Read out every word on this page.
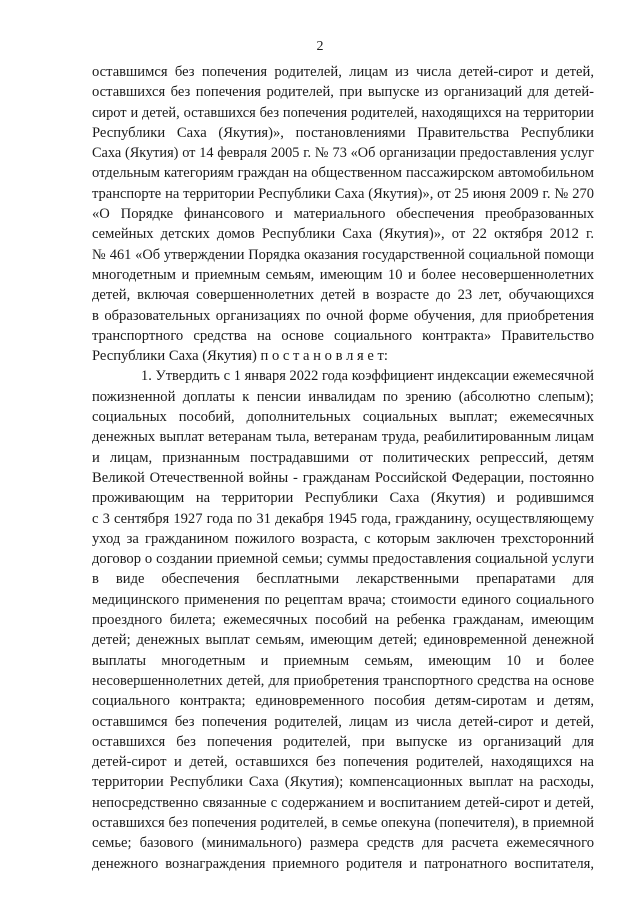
2
оставшимся без попечения родителей, лицам из числа детей-сирот и детей,
оставшихся без попечения родителей, при выпуске из организаций для детей-
сирот и детей, оставшихся без попечения родителей, находящихся на территории
Республики Саха (Якутия)», постановлениями Правительства Республики
Саха (Якутия) от 14 февраля 2005 г. № 73 «Об организации предоставления услуг
отдельным категориям граждан на общественном пассажирском автомобильном
транспорте на территории Республики Саха (Якутия)», от 25 июня 2009 г. № 270
«О Порядке финансового и материального обеспечения преобразованных
семейных детских домов Республики Саха (Якутия)», от 22 октября 2012 г.
№ 461 «Об утверждении Порядка оказания государственной социальной помощи
многодетным и приемным семьям, имеющим 10 и более несовершеннолетних
детей, включая совершеннолетних детей в возрасте до 23 лет, обучающихся
в образовательных организациях по очной форме обучения, для приобретения
транспортного средства на основе социального контракта» Правительство
Республики Саха (Якутия) п о с т а н о в л я е т:
1. Утвердить с 1 января 2022 года коэффициент индексации ежемесячной
пожизненной доплаты к пенсии инвалидам по зрению (абсолютно слепым);
социальных пособий, дополнительных социальных выплат; ежемесячных
денежных выплат ветеранам тыла, ветеранам труда, реабилитированным лицам
и лицам, признанным пострадавшими от политических репрессий, детям
Великой Отечественной войны - гражданам Российской Федерации, постоянно
проживающим на территории Республики Саха (Якутия) и родившимся
с 3 сентября 1927 года по 31 декабря 1945 года, гражданину, осуществляющему
уход за гражданином пожилого возраста, с которым заключен трехсторонний
договор о создании приемной семьи; суммы предоставления социальной услуги
в виде обеспечения бесплатными лекарственными препаратами для
медицинского применения по рецептам врача; стоимости единого социального
проездного билета; ежемесячных пособий на ребенка гражданам, имеющим
детей; денежных выплат семьям, имеющим детей; единовременной денежной
выплаты многодетным и приемным семьям, имеющим 10 и более
несовершеннолетних детей, для приобретения транспортного средства на основе
социального контракта; единовременного пособия детям-сиротам и детям,
оставшимся без попечения родителей, лицам из числа детей-сирот и детей,
оставшихся без попечения родителей, при выпуске из организаций для
детей-сирот и детей, оставшихся без попечения родителей, находящихся на
территории Республики Саха (Якутия); компенсационных выплат на расходы,
непосредственно связанные с содержанием и воспитанием детей-сирот и детей,
оставшихся без попечения родителей, в семье опекуна (попечителя), в приемной
семье; базового (минимального) размера средств для расчета ежемесячного
денежного вознаграждения приемного родителя и патронатного воспитателя,
